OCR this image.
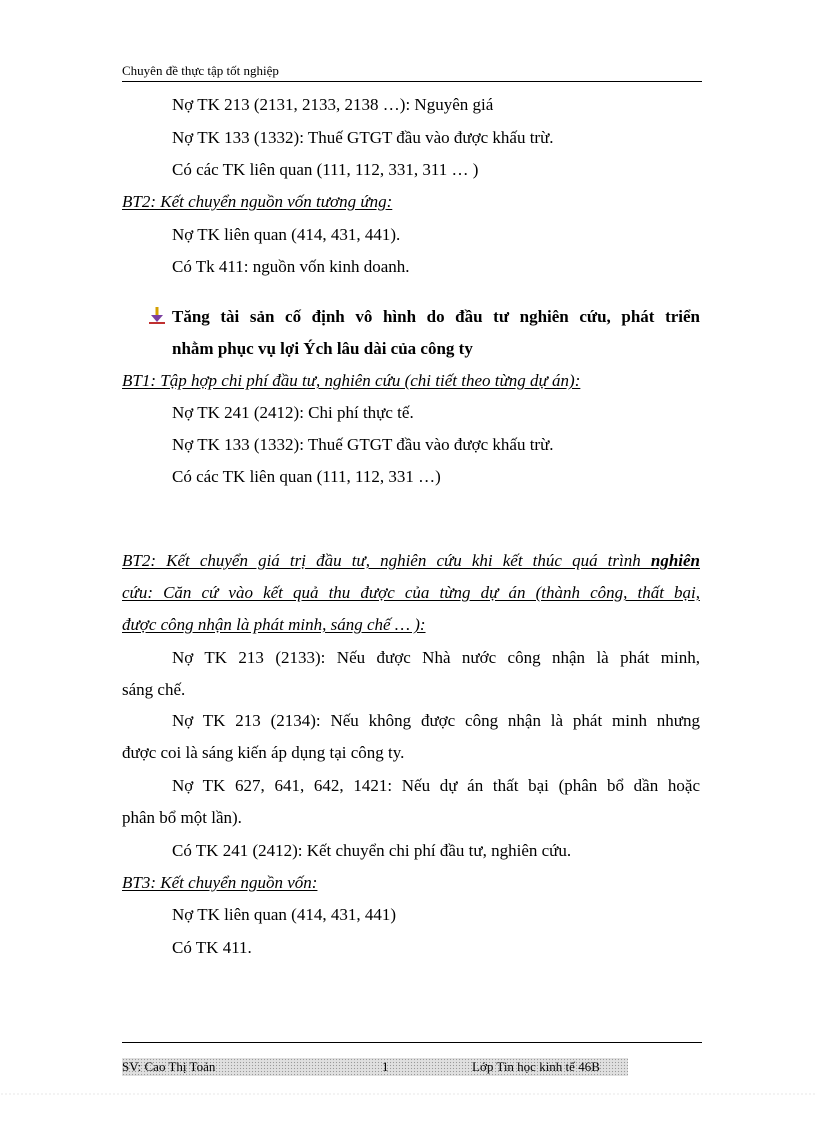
Chuyên đề thực tập tốt nghiệp
Nợ TK 213 (2131, 2133, 2138 …): Nguyên giá
Nợ TK 133 (1332): Thuế GTGT đầu vào được khấu trừ.
Có các TK liên quan (111, 112, 331, 311 … )
BT2: Kết chuyển nguồn vốn tương ứng:
Nợ TK liên quan (414, 431, 441).
Có Tk 411: nguồn vốn kinh doanh.
Tăng tài sản cố định vô hình do đầu tư nghiên cứu, phát triển
nhằm phục vụ lợi Ých lâu dài của công ty
BT1: Tập hợp chi phí đầu tư, nghiên cứu (chi tiết theo từng dự án):
Nợ TK 241 (2412): Chi phí thực tế.
Nợ TK 133 (1332): Thuế GTGT đầu vào được khấu trừ.
Có các TK liên quan (111, 112, 331 …)
BT2: Kết chuyển giá trị đầu tư, nghiên cứu khi kết thúc quá trình nghiên
cứu: Căn cứ vào kết quả thu được của từng dự án (thành công, thất bại,
được công nhận là phát minh, sáng chế … ):
Nợ TK 213 (2133): Nếu được Nhà nước công nhận là phát minh,
sáng chế.
Nợ TK 213 (2134): Nếu không được công nhận là phát minh nhưng
được coi là sáng kiến áp dụng tại công ty.
Nợ TK 627, 641, 642, 1421: Nếu dự án thất bại (phân bổ dần hoặc
phân bổ một lần).
Có TK 241 (2412): Kết chuyển chi phí đầu tư, nghiên cứu.
BT3: Kết chuyển nguồn vốn:
Nợ TK liên quan (414, 431, 441)
Có TK 411.
SV: Cao Thị Toản	1	Lớp Tin học kinh tế 46B
